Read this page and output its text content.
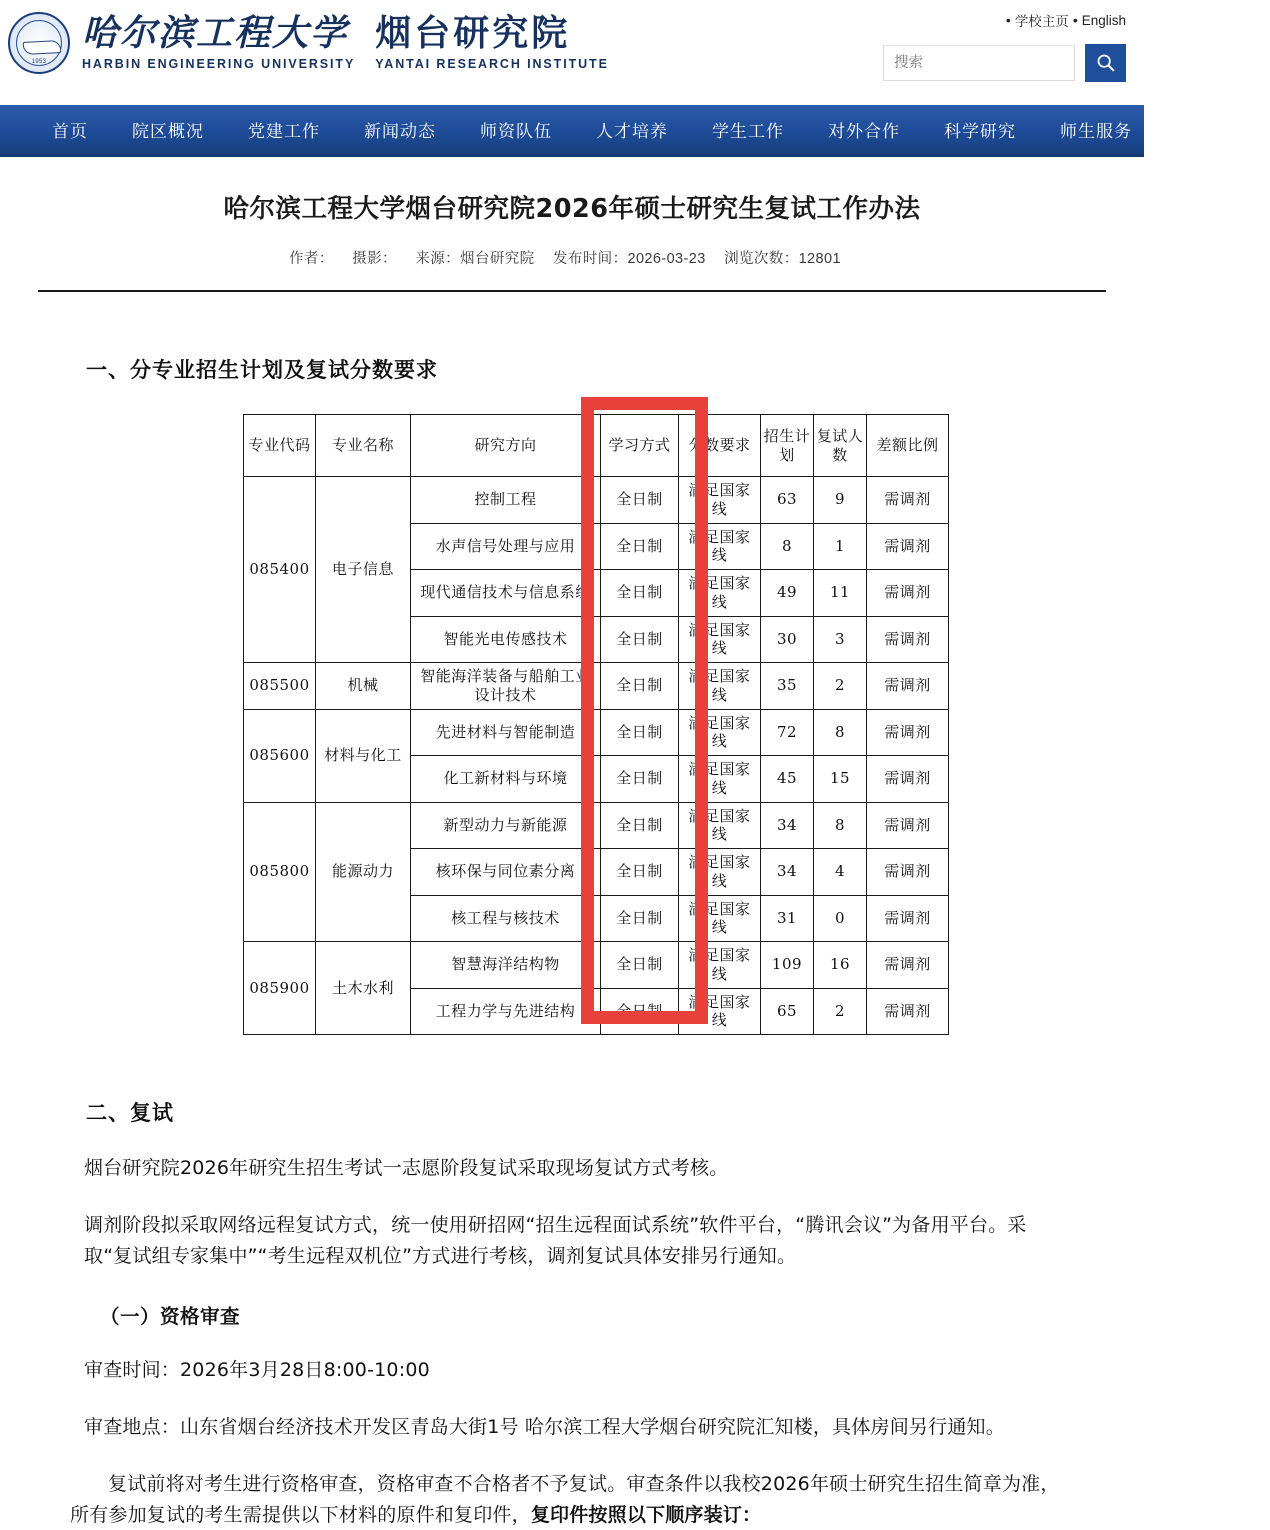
1953
哈尔滨工程大学
HARBIN ENGINEERING UNIVERSITY
烟台研究院
YANTAI RESEARCH INSTITUTE
• 学校主页 • English
搜索
首页	院区概况	党建工作	新闻动态	师资队伍	人才培养	学生工作	对外合作	科学研究	师生服务	联系我们
哈尔滨工程大学烟台研究院2026年硕士研究生复试工作办法
作者： 摄影： 来源：烟台研究院 发布时间：2026-03-23 浏览次数：12801
一、分专业招生计划及复试分数要求
专业代码	专业名称	研究方向	学习方式	分数要求	招生计划	复试人数	差额比例
085400	电子信息	控制工程	全日制	满足国家线	63	9	需调剂
		水声信号处理与应用	全日制	满足国家线	8	1	需调剂
		现代通信技术与信息系统	全日制	满足国家线	49	11	需调剂
		智能光电传感技术	全日制	满足国家线	30	3	需调剂
085500	机械	智能海洋装备与船舶工业设计技术	全日制	满足国家线	35	2	需调剂
085600	材料与化工	先进材料与智能制造	全日制	满足国家线	72	8	需调剂
		化工新材料与环境	全日制	满足国家线	45	15	需调剂
085800	能源动力	新型动力与新能源	全日制	满足国家线	34	8	需调剂
		核环保与同位素分离	全日制	满足国家线	34	4	需调剂
		核工程与核技术	全日制	满足国家线	31	0	需调剂
085900	土木水利	智慧海洋结构物	全日制	满足国家线	109	16	需调剂
		工程力学与先进结构	全日制	满足国家线	65	2	需调剂
二、复试

烟台研究院2026年研究生招生考试一志愿阶段复试采取现场复试方式考核。

调剂阶段拟采取网络远程复试方式，统一使用研招网“招生远程面试系统”软件平台，“腾讯会议”为备用平台。采取“复试组专家集中”“考生远程双机位”方式进行考核，调剂复试具体安排另行通知。

（一）资格审查

审查时间：2026年3月28日8:00-10:00

审查地点：山东省烟台经济技术开发区青岛大街1号 哈尔滨工程大学烟台研究院汇知楼，具体房间另行通知。

复试前将对考生进行资格审查，资格审查不合格者不予复试。审查条件以我校2026年硕士研究生招生简章为准，所有参加复试的考生需提供以下材料的原件和复印件，复印件按照以下顺序装订：
